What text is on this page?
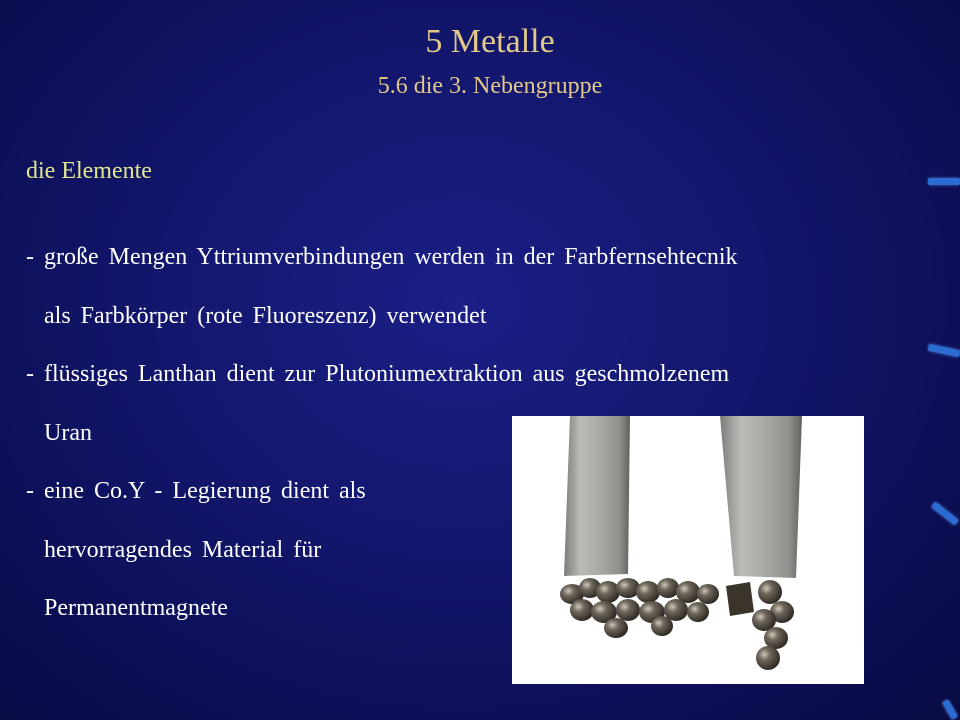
5 Metalle
5.6 die 3. Nebengruppe
die Elemente
- große Mengen Yttriumverbindungen werden in der Farbfernsehtecnik
als Farbkörper (rote Fluoreszenz) verwendet
- flüssiges Lanthan dient zur Plutoniumextraktion aus geschmolzenem
Uran
- eine Co.Y - Legierung dient als
hervorragendes Material für
Permanentmagnete
